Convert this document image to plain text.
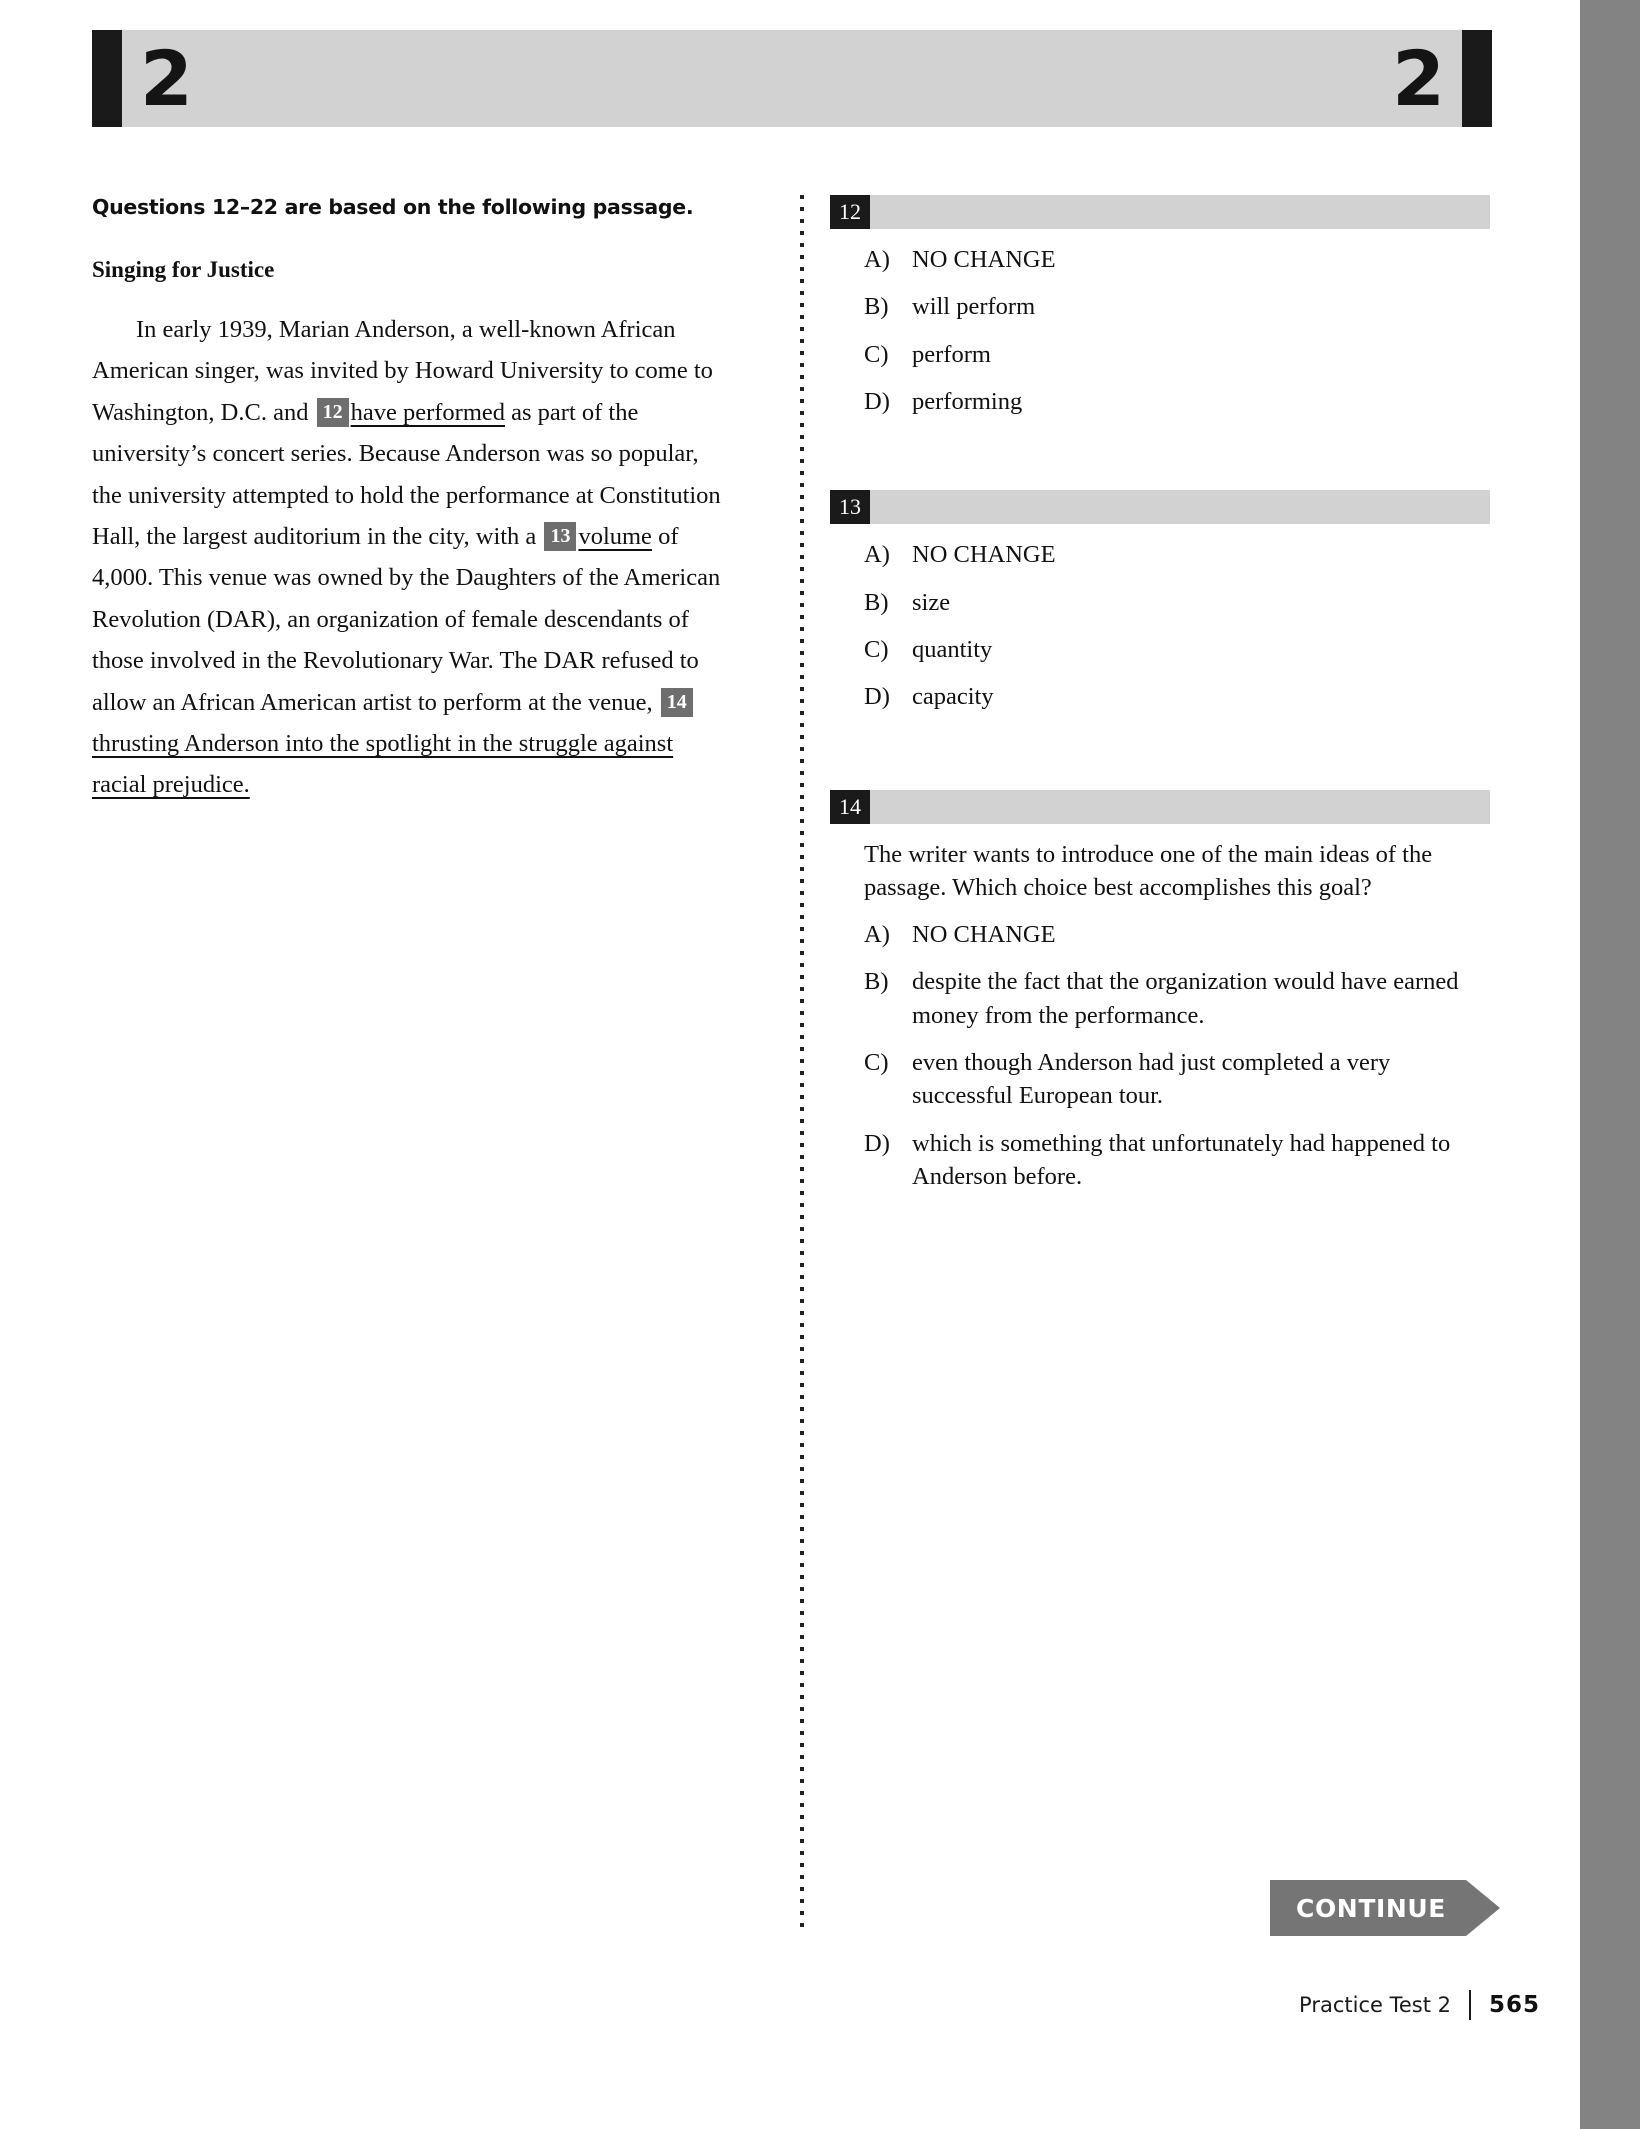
2	2

Questions 12–22 are based on the following passage.

Singing for Justice

In early 1939, Marian Anderson, a well-known African American singer, was invited by Howard University to come to Washington, D.C. and 12 have performed as part of the university’s concert series. Because Anderson was so popular, the university attempted to hold the performance at Constitution Hall, the largest auditorium in the city, with a 13 volume of 4,000. This venue was owned by the Daughters of the American Revolution (DAR), an organization of female descendants of those involved in the Revolutionary War. The DAR refused to allow an African American artist to perform at the venue, 14thrusting Anderson into the spotlight in the struggle against racial prejudice.

12
A) NO CHANGE
B) will perform
C) perform
D) performing
13
A) NO CHANGE
B) size
C) quantity
D) capacity
14

The writer wants to introduce one of the main ideas of the passage. Which choice best accomplishes this goal?

A) NO CHANGE
B) despite the fact that the organization would have earned money from the performance.
C) even though Anderson had just completed a very successful European tour.
D) which is something that unfortunately had happened to Anderson before.
CONTINUE
Practice Test 2 565
